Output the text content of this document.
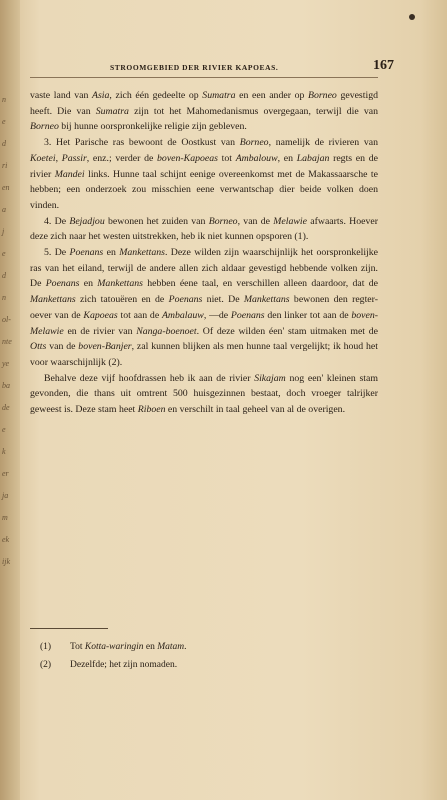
n
e
d
ri
en
a
j
e
d
n
ol-
nte
ye
ba
de
e
k
er
ja
m
ek
ijk
STROOMGEBIED DER RIVIER KAPOEAS.	167

vaste land van Asia, zich één gedeelte op Sumatra en een ander op Borneo gevestigd heeft. Die van Sumatra zijn tot het Mahomedanismus overgegaan, terwijl die van Borneo bij hunne oorspronkelijke religie zijn gebleven.

3. Het Parische ras bewoont de Oostkust van Borneo, namelijk de rivieren van Koetei, Passir, enz.; verder de boven-Kapoeas tot Ambalouw, en Labajan regts en de rivier Mandei links. Hunne taal schijnt eenige overeenkomst met de Makassaarsche te hebben; een onderzoek zou misschien eene verwantschap dier beide volken doen vinden.

4. De Bejadjou bewonen het zuiden van Borneo, van de Melawie afwaarts. Hoever deze zich naar het westen uitstrekken, heb ik niet kunnen opsporen (1).

5. De Poenans en Mankettans. Deze wilden zijn waarschijnlijk het oorspronkelijke ras van het eiland, terwijl de andere allen zich aldaar gevestigd hebbende volken zijn. De Poenans en Mankettans hebben éene taal, en verschillen alleen daardoor, dat de Mankettans zich tatouëren en de Poenans niet. De Mankettans bewonen den regter-oever van de Kapoeas tot aan de Ambalauw, —de Poenans den linker tot aan de boven-Melawie en de rivier van Nanga-boenoet. Of deze wilden éen' stam uitmaken met de Otts van de boven-Banjer, zal kunnen blijken als men hunne taal vergelijkt; ik houd het voor waarschijnlijk (2).

Behalve deze vijf hoofdrassen heb ik aan de rivier Sikajam nog een' kleinen stam gevonden, die thans uit omtrent 500 huisgezinnen bestaat, doch vroeger talrijker geweest is. Deze stam heet Riboen en verschilt in taal geheel van al de overigen.

(1) Tot Kotta-waringin en Matam.
(2) Dezelfde; het zijn nomaden.
